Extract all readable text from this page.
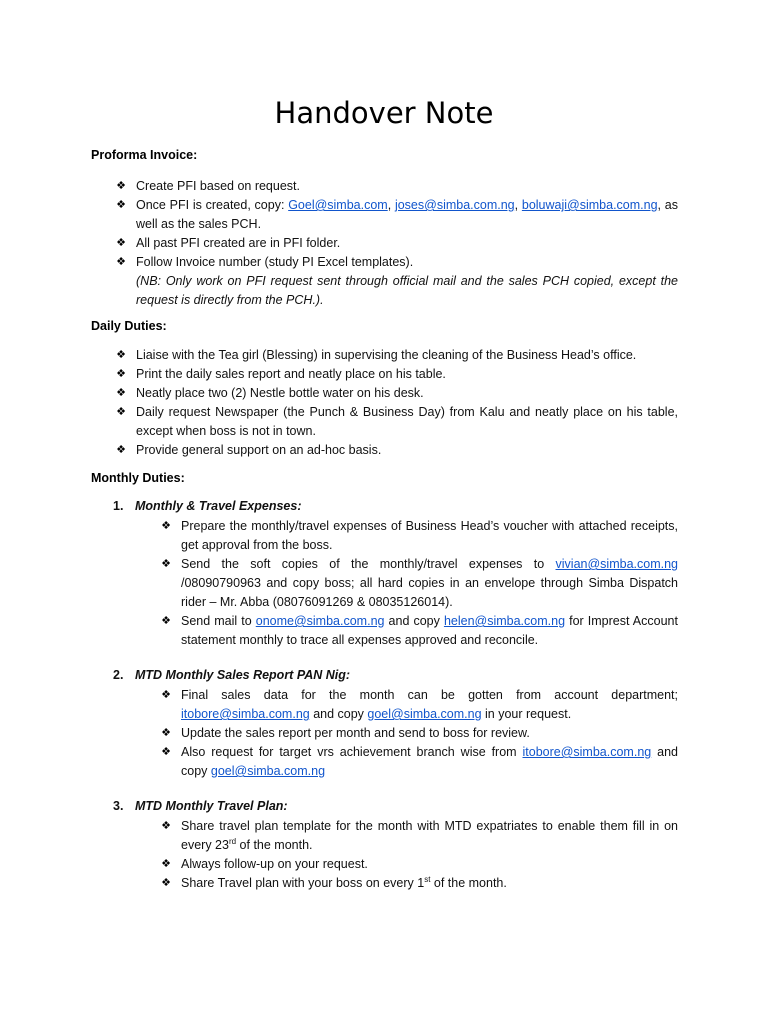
Handover Note
Proforma Invoice:
❖ Create PFI based on request.
❖ Once PFI is created, copy: Goel@simba.com, joses@simba.com.ng, boluwaji@simba.com.ng, as well as the sales PCH.
❖ All past PFI created are in PFI folder.
❖ Follow Invoice number (study PI Excel templates).
(NB: Only work on PFI request sent through official mail and the sales PCH copied, except the request is directly from the PCH.).
Daily Duties:
❖ Liaise with the Tea girl (Blessing) in supervising the cleaning of the Business Head’s office.
❖ Print the daily sales report and neatly place on his table.
❖ Neatly place two (2) Nestle bottle water on his desk.
❖ Daily request Newspaper (the Punch & Business Day) from Kalu and neatly place on his table, except when boss is not in town.
❖ Provide general support on an ad-hoc basis.
Monthly Duties:
1. Monthly & Travel Expenses:
❖ Prepare the monthly/travel expenses of Business Head’s voucher with attached receipts, get approval from the boss.
❖ Send the soft copies of the monthly/travel expenses to vivian@simba.com.ng /08090790963 and copy boss; all hard copies in an envelope through Simba Dispatch rider – Mr. Abba (08076091269 & 08035126014).
❖ Send mail to onome@simba.com.ng and copy helen@simba.com.ng for Imprest Account statement monthly to trace all expenses approved and reconcile.
2. MTD Monthly Sales Report PAN Nig:
❖ Final sales data for the month can be gotten from account department; itobore@simba.com.ng and copy goel@simba.com.ng in your request.
❖ Update the sales report per month and send to boss for review.
❖ Also request for target vrs achievement branch wise from itobore@simba.com.ng and copy goel@simba.com.ng
3. MTD Monthly Travel Plan:
❖ Share travel plan template for the month with MTD expatriates to enable them fill in on every 23rd of the month.
❖ Always follow-up on your request.
❖ Share Travel plan with your boss on every 1st of the month.
